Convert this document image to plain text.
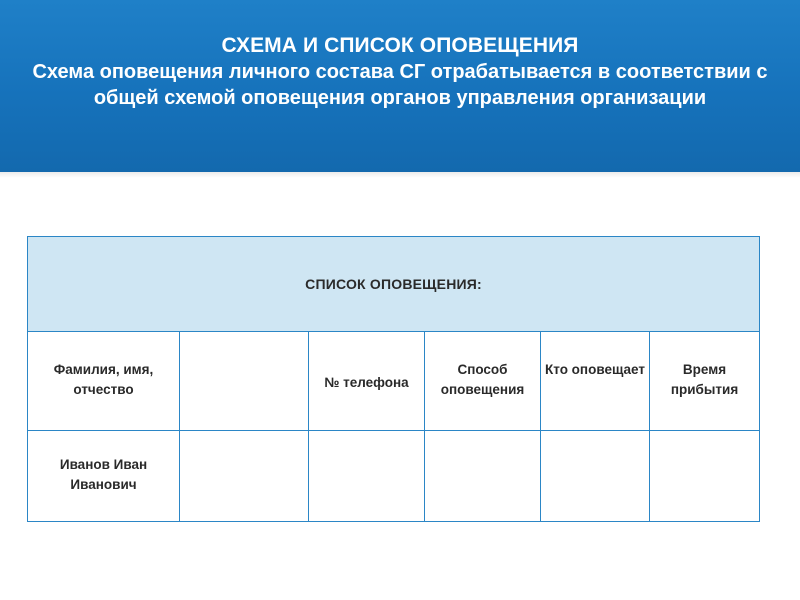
СХЕМА И СПИСОК ОПОВЕЩЕНИЯ
Схема оповещения личного состава СГ отрабатывается в соответствии с общей схемой оповещения органов управления организации
СПИСОК ОПОВЕЩЕНИЯ:					

Фамилия, имя, отчество		№ телефона	Способ оповещения	Кто оповещает	Время прибытия

Иванов Иван Иванович					
